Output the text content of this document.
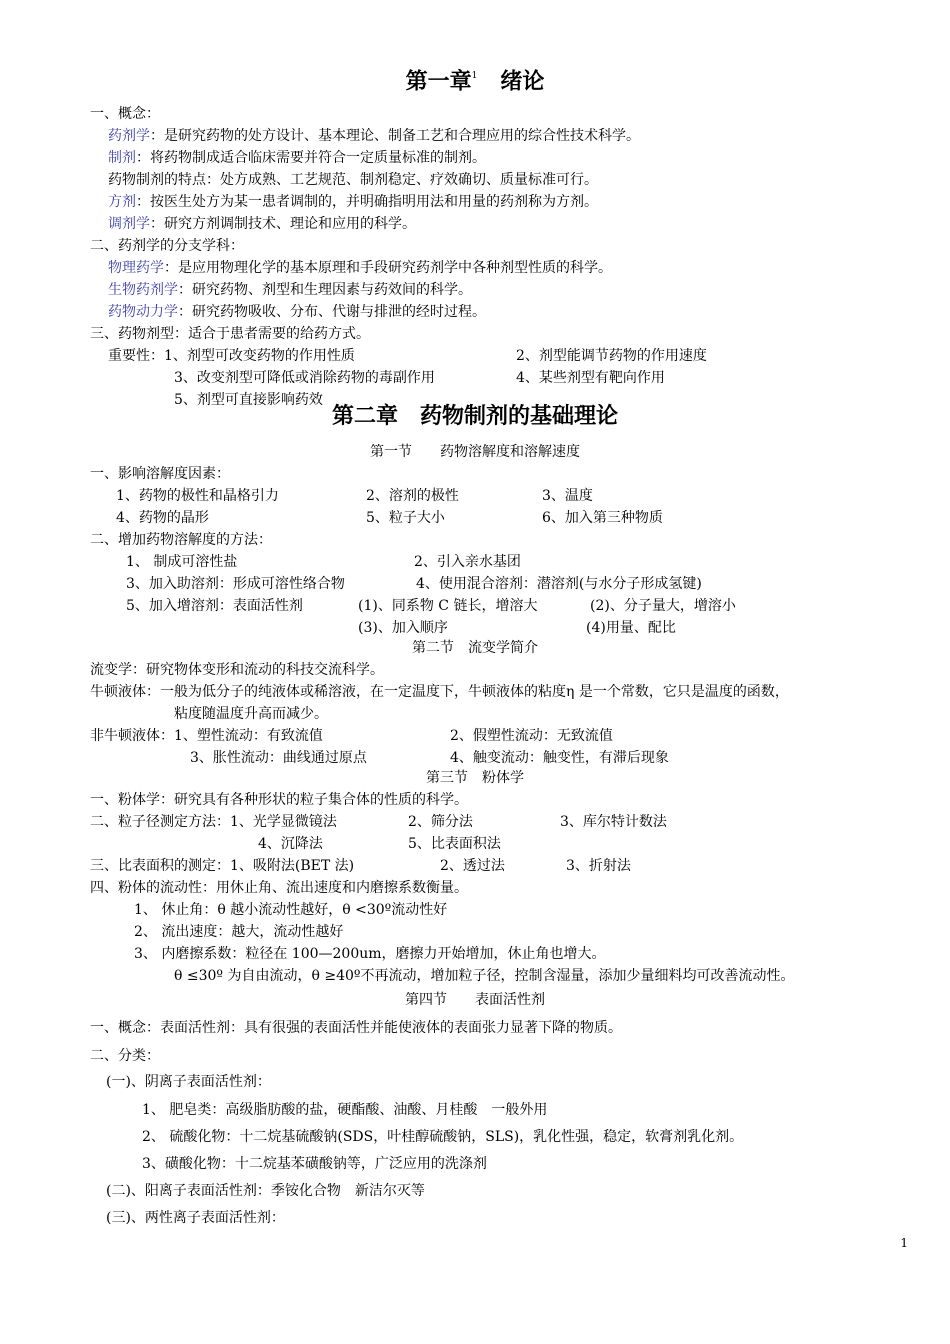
第一章$^1$ 绪论
一、概念：
药剂学：是研究药物的处方设计、基本理论、制备工艺和合理应用的综合性技术科学。
制剂：将药物制成适合临床需要并符合一定质量标准的制剂。
药物制剂的特点：处方成熟、工艺规范、制剂稳定、疗效确切、质量标准可行。
方剂：按医生处方为某一患者调制的，并明确指明用法和用量的药剂称为方剂。
调剂学：研究方剂调制技术、理论和应用的科学。
二、药剂学的分支学科：
物理药学：是应用物理化学的基本原理和手段研究药剂学中各种剂型性质的科学。
生物药剂学：研究药物、剂型和生理因素与药效间的科学。
药物动力学：研究药物吸收、分布、代谢与排泄的经时过程。
三、药物剂型：适合于患者需要的给药方式。
重要性：1、剂型可改变药物的作用性质	2、剂型能调节药物的作用速度
3、改变剂型可降低或消除药物的毒副作用	4、某些剂型有靶向作用
5、剂型可直接影响药效
第二章　药物制剂的基础理论
第一节　　药物溶解度和溶解速度
一、影响溶解度因素：
1、药物的极性和晶格引力	2、溶剂的极性	3、温度
4、药物的晶形	5、粒子大小	6、加入第三种物质
二、增加药物溶解度的方法：
1、 制成可溶性盐	2、引入亲水基团
3、加入助溶剂：形成可溶性络合物	4、使用混合溶剂：潜溶剂(与水分子形成氢键)
5、加入增溶剂：表面活性剂	(1)、同系物 C 链长，增溶大	(2)、分子量大，增溶小
(3)、加入顺序	(4)用量、配比
第二节　流变学简介
流变学：研究物体变形和流动的科技交流科学。
牛顿液体：一般为低分子的纯液体或稀溶液，在一定温度下，牛顿液体的粘度η 是一个常数，它只是温度的函数，
粘度随温度升高而减少。
非牛顿液体：1、塑性流动：有致流值	2、假塑性流动：无致流值
3、胀性流动：曲线通过原点	4、触变流动：触变性，有滞后现象
第三节　粉体学
一、粉体学：研究具有各种形状的粒子集合体的性质的科学。
二、粒子径测定方法：1、光学显微镜法	2、筛分法	3、库尔特计数法
4、沉降法	5、比表面积法
三、比表面积的测定：1、吸附法(BET 法)	2、透过法	3、折射法
四、粉体的流动性：用休止角、流出速度和内磨擦系数衡量。
1、 休止角：θ 越小流动性越好，θ <30º流动性好
2、 流出速度：越大，流动性越好
3、 内磨擦系数：粒径在 100—200um，磨擦力开始增加，休止角也增大。
θ ≤30º 为自由流动，θ ≥40º不再流动，增加粒子径，控制含湿量，添加少量细料均可改善流动性。
第四节　　表面活性剂
一、概念：表面活性剂：具有很强的表面活性并能使液体的表面张力显著下降的物质。
二、分类：
(一)、阴离子表面活性剂：
1、 肥皂类：高级脂肪酸的盐，硬酯酸、油酸、月桂酸　一般外用
2、 硫酸化物：十二烷基硫酸钠(SDS，叶桂醇硫酸钠，SLS)，乳化性强，稳定，软膏剂乳化剂。
3、磺酸化物：十二烷基苯磺酸钠等，广泛应用的洗涤剂
(二)、阳离子表面活性剂：季铵化合物　新洁尔灭等
(三)、两性离子表面活性剂：
1
